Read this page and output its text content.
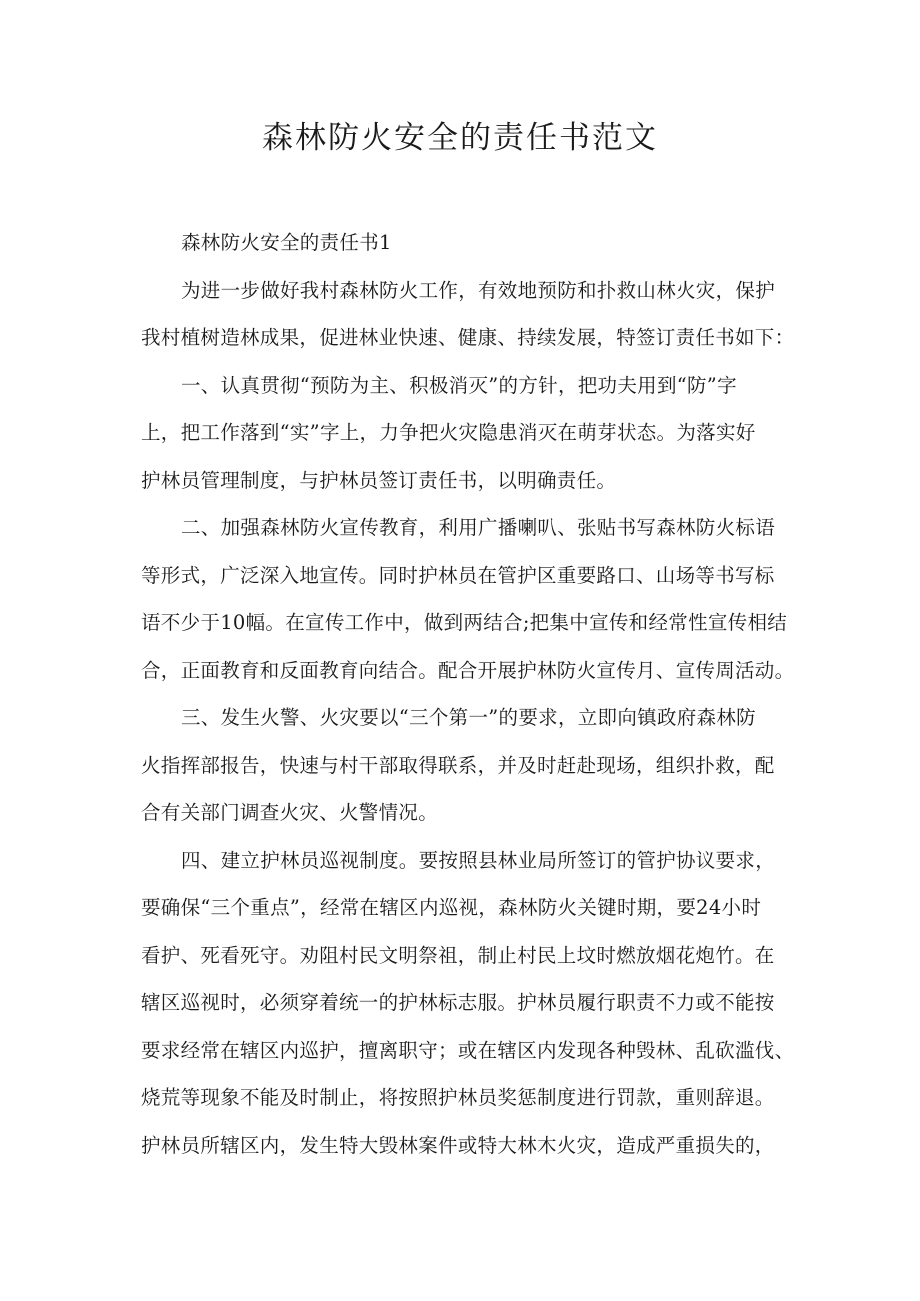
森林防火安全的责任书范文
森林防火安全的责任书1
为进一步做好我村森林防火工作，有效地预防和扑救山林火灾，保护
我村植树造林成果，促进林业快速、健康、持续发展，特签订责任书如下：
一、认真贯彻“预防为主、积极消灭”的方针，把功夫用到“防”字
上，把工作落到“实”字上，力争把火灾隐患消灭在萌芽状态。为落实好
护林员管理制度，与护林员签订责任书，以明确责任。
二、加强森林防火宣传教育，利用广播喇叭、张贴书写森林防火标语
等形式，广泛深入地宣传。同时护林员在管护区重要路口、山场等书写标
语不少于10幅。在宣传工作中，做到两结合;把集中宣传和经常性宣传相结
合，正面教育和反面教育向结合。配合开展护林防火宣传月、宣传周活动。
三、发生火警、火灾要以“三个第一”的要求，立即向镇政府森林防
火指挥部报告，快速与村干部取得联系，并及时赶赴现场，组织扑救，配
合有关部门调查火灾、火警情况。
四、建立护林员巡视制度。要按照县林业局所签订的管护协议要求，
要确保“三个重点”，经常在辖区内巡视，森林防火关键时期，要24小时
看护、死看死守。劝阻村民文明祭祖，制止村民上坟时燃放烟花炮竹。在
辖区巡视时，必须穿着统一的护林标志服。护林员履行职责不力或不能按
要求经常在辖区内巡护，擅离职守；或在辖区内发现各种毁林、乱砍滥伐、
烧荒等现象不能及时制止，将按照护林员奖惩制度进行罚款，重则辞退。
护林员所辖区内，发生特大毁林案件或特大林木火灾，造成严重损失的，
